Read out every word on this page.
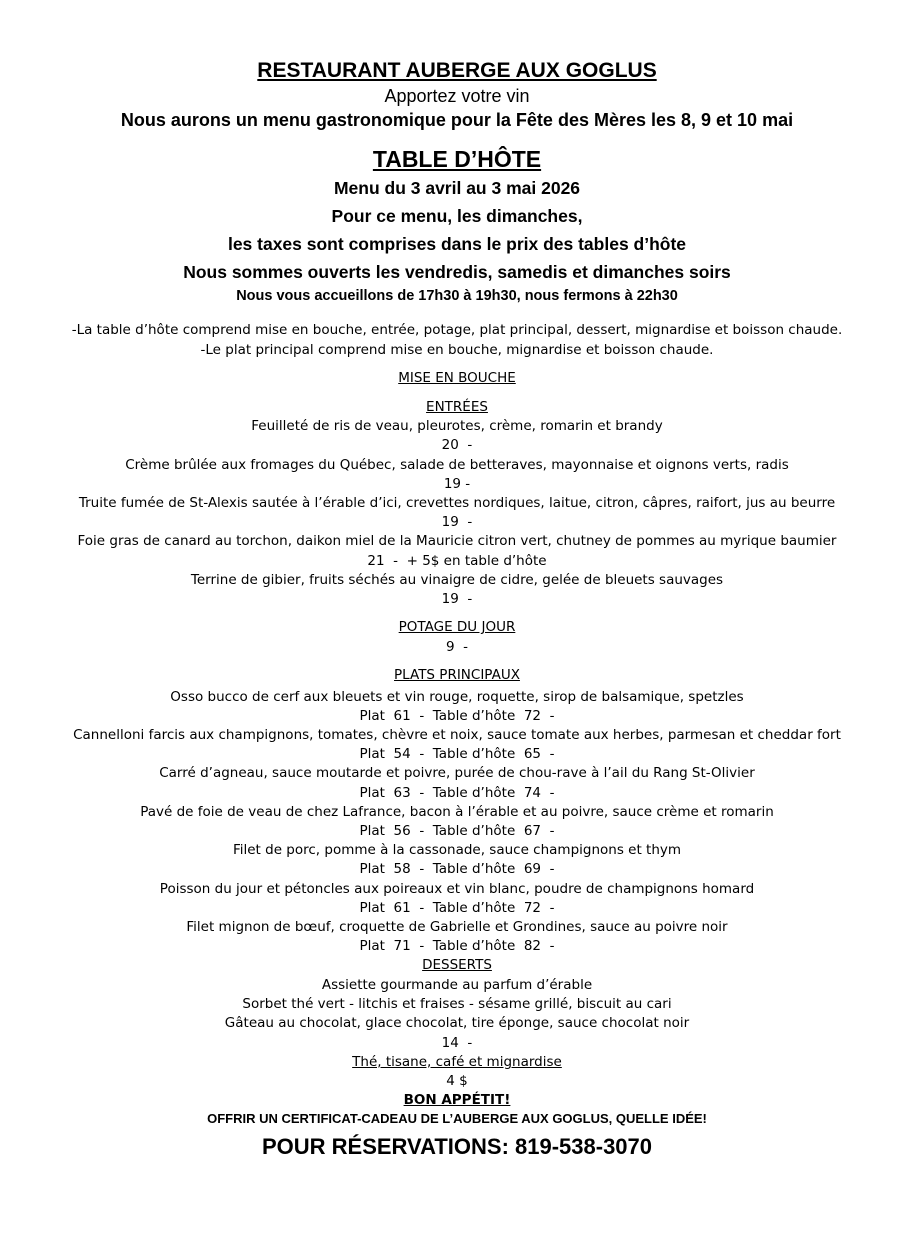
RESTAURANT AUBERGE AUX GOGLUS
Apportez votre vin
Nous aurons un menu gastronomique pour la Fête des Mères les 8, 9 et 10 mai
TABLE D’HÔTE
Menu du 3 avril au 3 mai 2026
Pour ce menu, les dimanches,
les taxes sont comprises dans le prix des tables d’hôte
Nous sommes ouverts les vendredis, samedis et dimanches soirs
Nous vous accueillons de 17h30 à 19h30, nous fermons à 22h30
-La table d’hôte comprend mise en bouche, entrée, potage, plat principal, dessert, mignardise et boisson chaude.
-Le plat principal comprend mise en bouche, mignardise et boisson chaude.
MISE EN BOUCHE
ENTRÉES
Feuilleté de ris de veau, pleurotes, crème, romarin et brandy
20  -
Crème brûlée aux fromages du Québec, salade de betteraves, mayonnaise et oignons verts, radis
19 -
Truite fumée de St-Alexis sautée à l’érable d’ici, crevettes nordiques, laitue, citron, câpres, raifort, jus au beurre
19  -
Foie gras de canard au torchon, daikon miel de la Mauricie citron vert, chutney de pommes au myrique baumier
21  -  + 5$ en table d’hôte
Terrine de gibier, fruits séchés au vinaigre de cidre, gelée de bleuets sauvages
19  -
POTAGE DU JOUR
9  -
PLATS PRINCIPAUX
Osso bucco de cerf aux bleuets et vin rouge, roquette, sirop de balsamique, spetzles
Plat  61  -  Table d’hôte  72  -
Cannelloni farcis aux champignons, tomates, chèvre et noix, sauce tomate aux herbes, parmesan et cheddar fort
Plat  54  -  Table d’hôte  65  -
Carré d’agneau, sauce moutarde et poivre, purée de chou-rave à l’ail du Rang St-Olivier
Plat  63  -  Table d’hôte  74  -
Pavé de foie de veau de chez Lafrance, bacon à l’érable et au poivre, sauce crème et romarin
Plat  56  -  Table d’hôte  67  -
Filet de porc, pomme à la cassonade, sauce champignons et thym
Plat  58  -  Table d’hôte  69  -
Poisson du jour et pétoncles aux poireaux et vin blanc, poudre de champignons homard
Plat  61  -  Table d’hôte  72  -
Filet mignon de bœuf, croquette de Gabrielle et Grondines, sauce au poivre noir
Plat  71  -  Table d’hôte  82  -
DESSERTS
Assiette gourmande au parfum d’érable
Sorbet thé vert - litchis et fraises - sésame grillé, biscuit au cari
Gâteau au chocolat, glace chocolat, tire éponge, sauce chocolat noir
14  -
Thé, tisane, café et mignardise
4 $
BON APPÉTIT!
OFFRIR UN CERTIFICAT-CADEAU DE L’AUBERGE AUX GOGLUS, QUELLE IDÉE!
POUR RÉSERVATIONS: 819-538-3070
